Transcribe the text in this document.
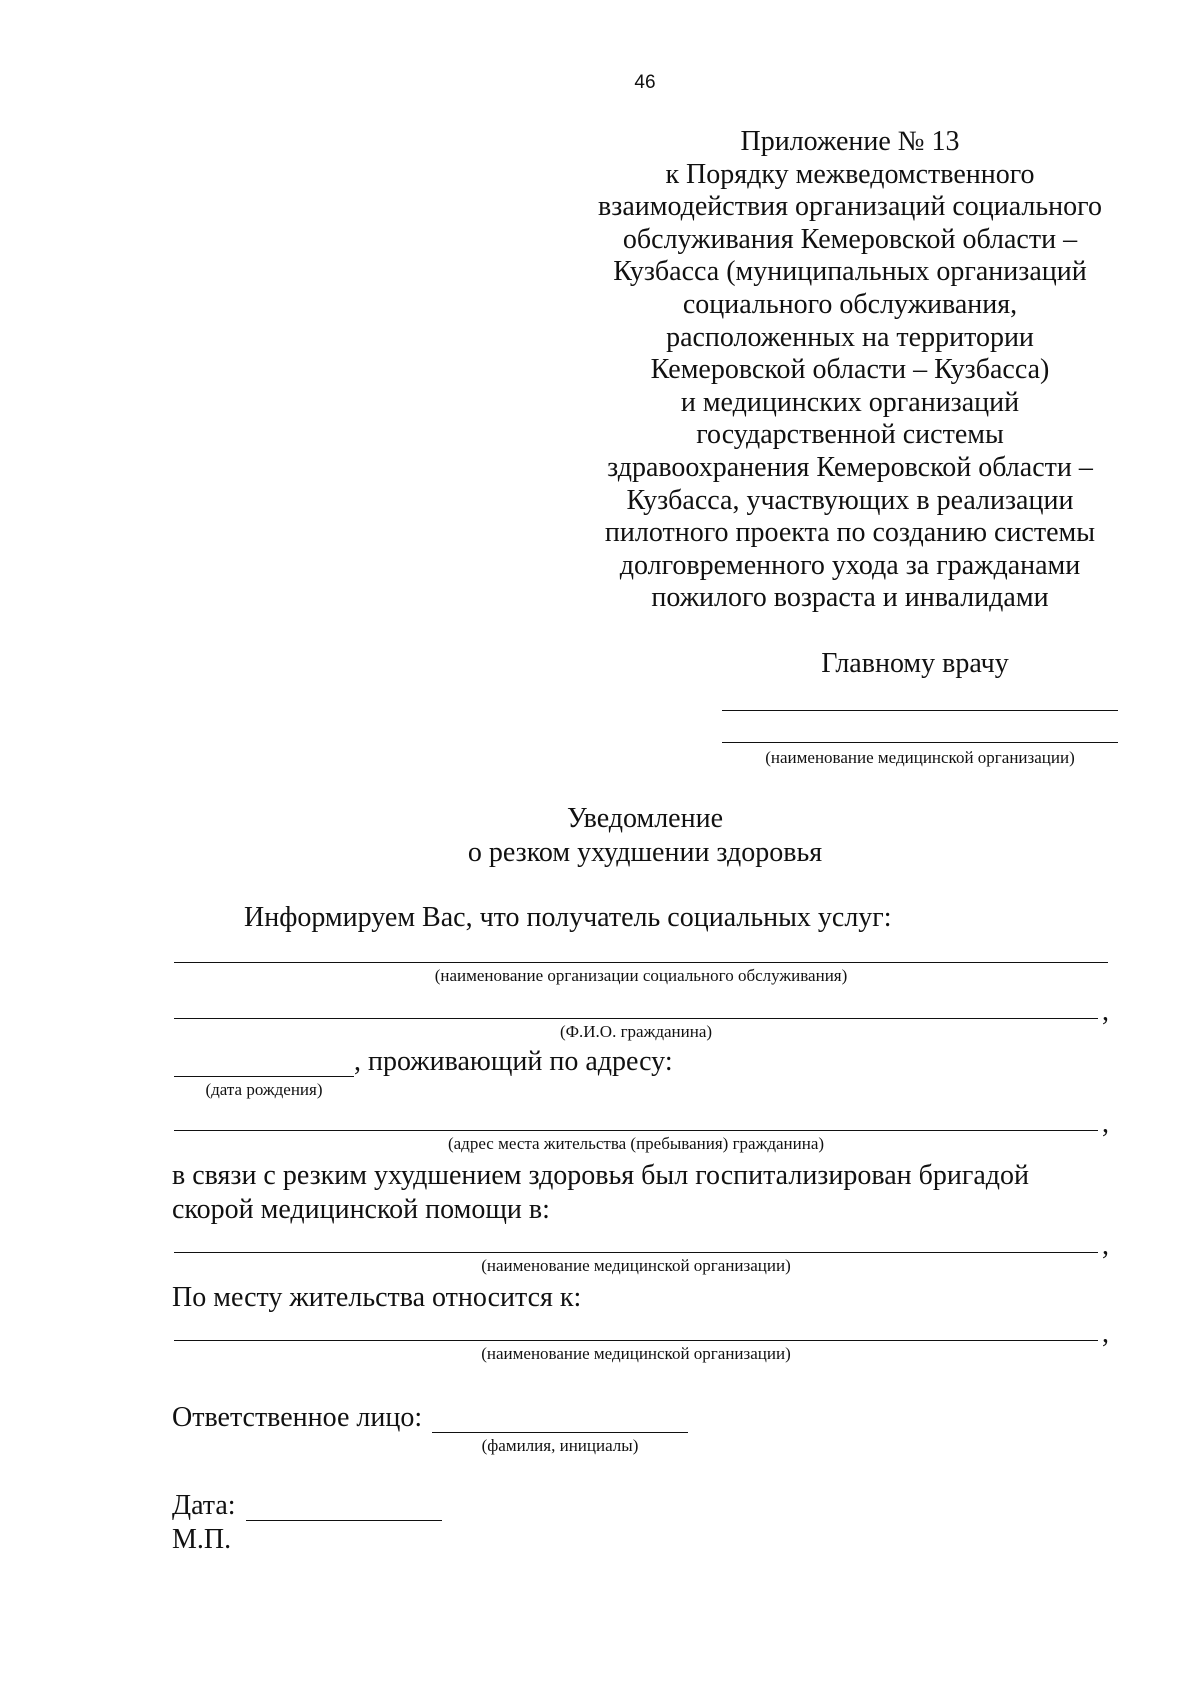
46
Приложение № 13
к Порядку межведомственного
взаимодействия организаций социального
обслуживания Кемеровской области –
Кузбасса (муниципальных организаций
социального обслуживания,
расположенных на территории
Кемеровской области – Кузбасса)
и медицинских организаций
государственной системы
здравоохранения Кемеровской области –
Кузбасса, участвующих в реализации
пилотного проекта по созданию системы
долговременного ухода за гражданами
пожилого возраста и инвалидами
Главному врачу
(наименование медицинской организации)
Уведомление
о резком ухудшении здоровья
Информируем Вас, что получатель социальных услуг:
(наименование организации социального обслуживания)
,
(Ф.И.О. гражданина)
, проживающий по адресу:
(дата рождения)
,
(адрес места жительства (пребывания) гражданина)
в связи с резким ухудшением здоровья был госпитализирован бригадой
скорой медицинской помощи в:
,
(наименование медицинской организации)
По месту жительства относится к:
,
(наименование медицинской организации)
Ответственное лицо:
(фамилия, инициалы)
Дата:
М.П.
